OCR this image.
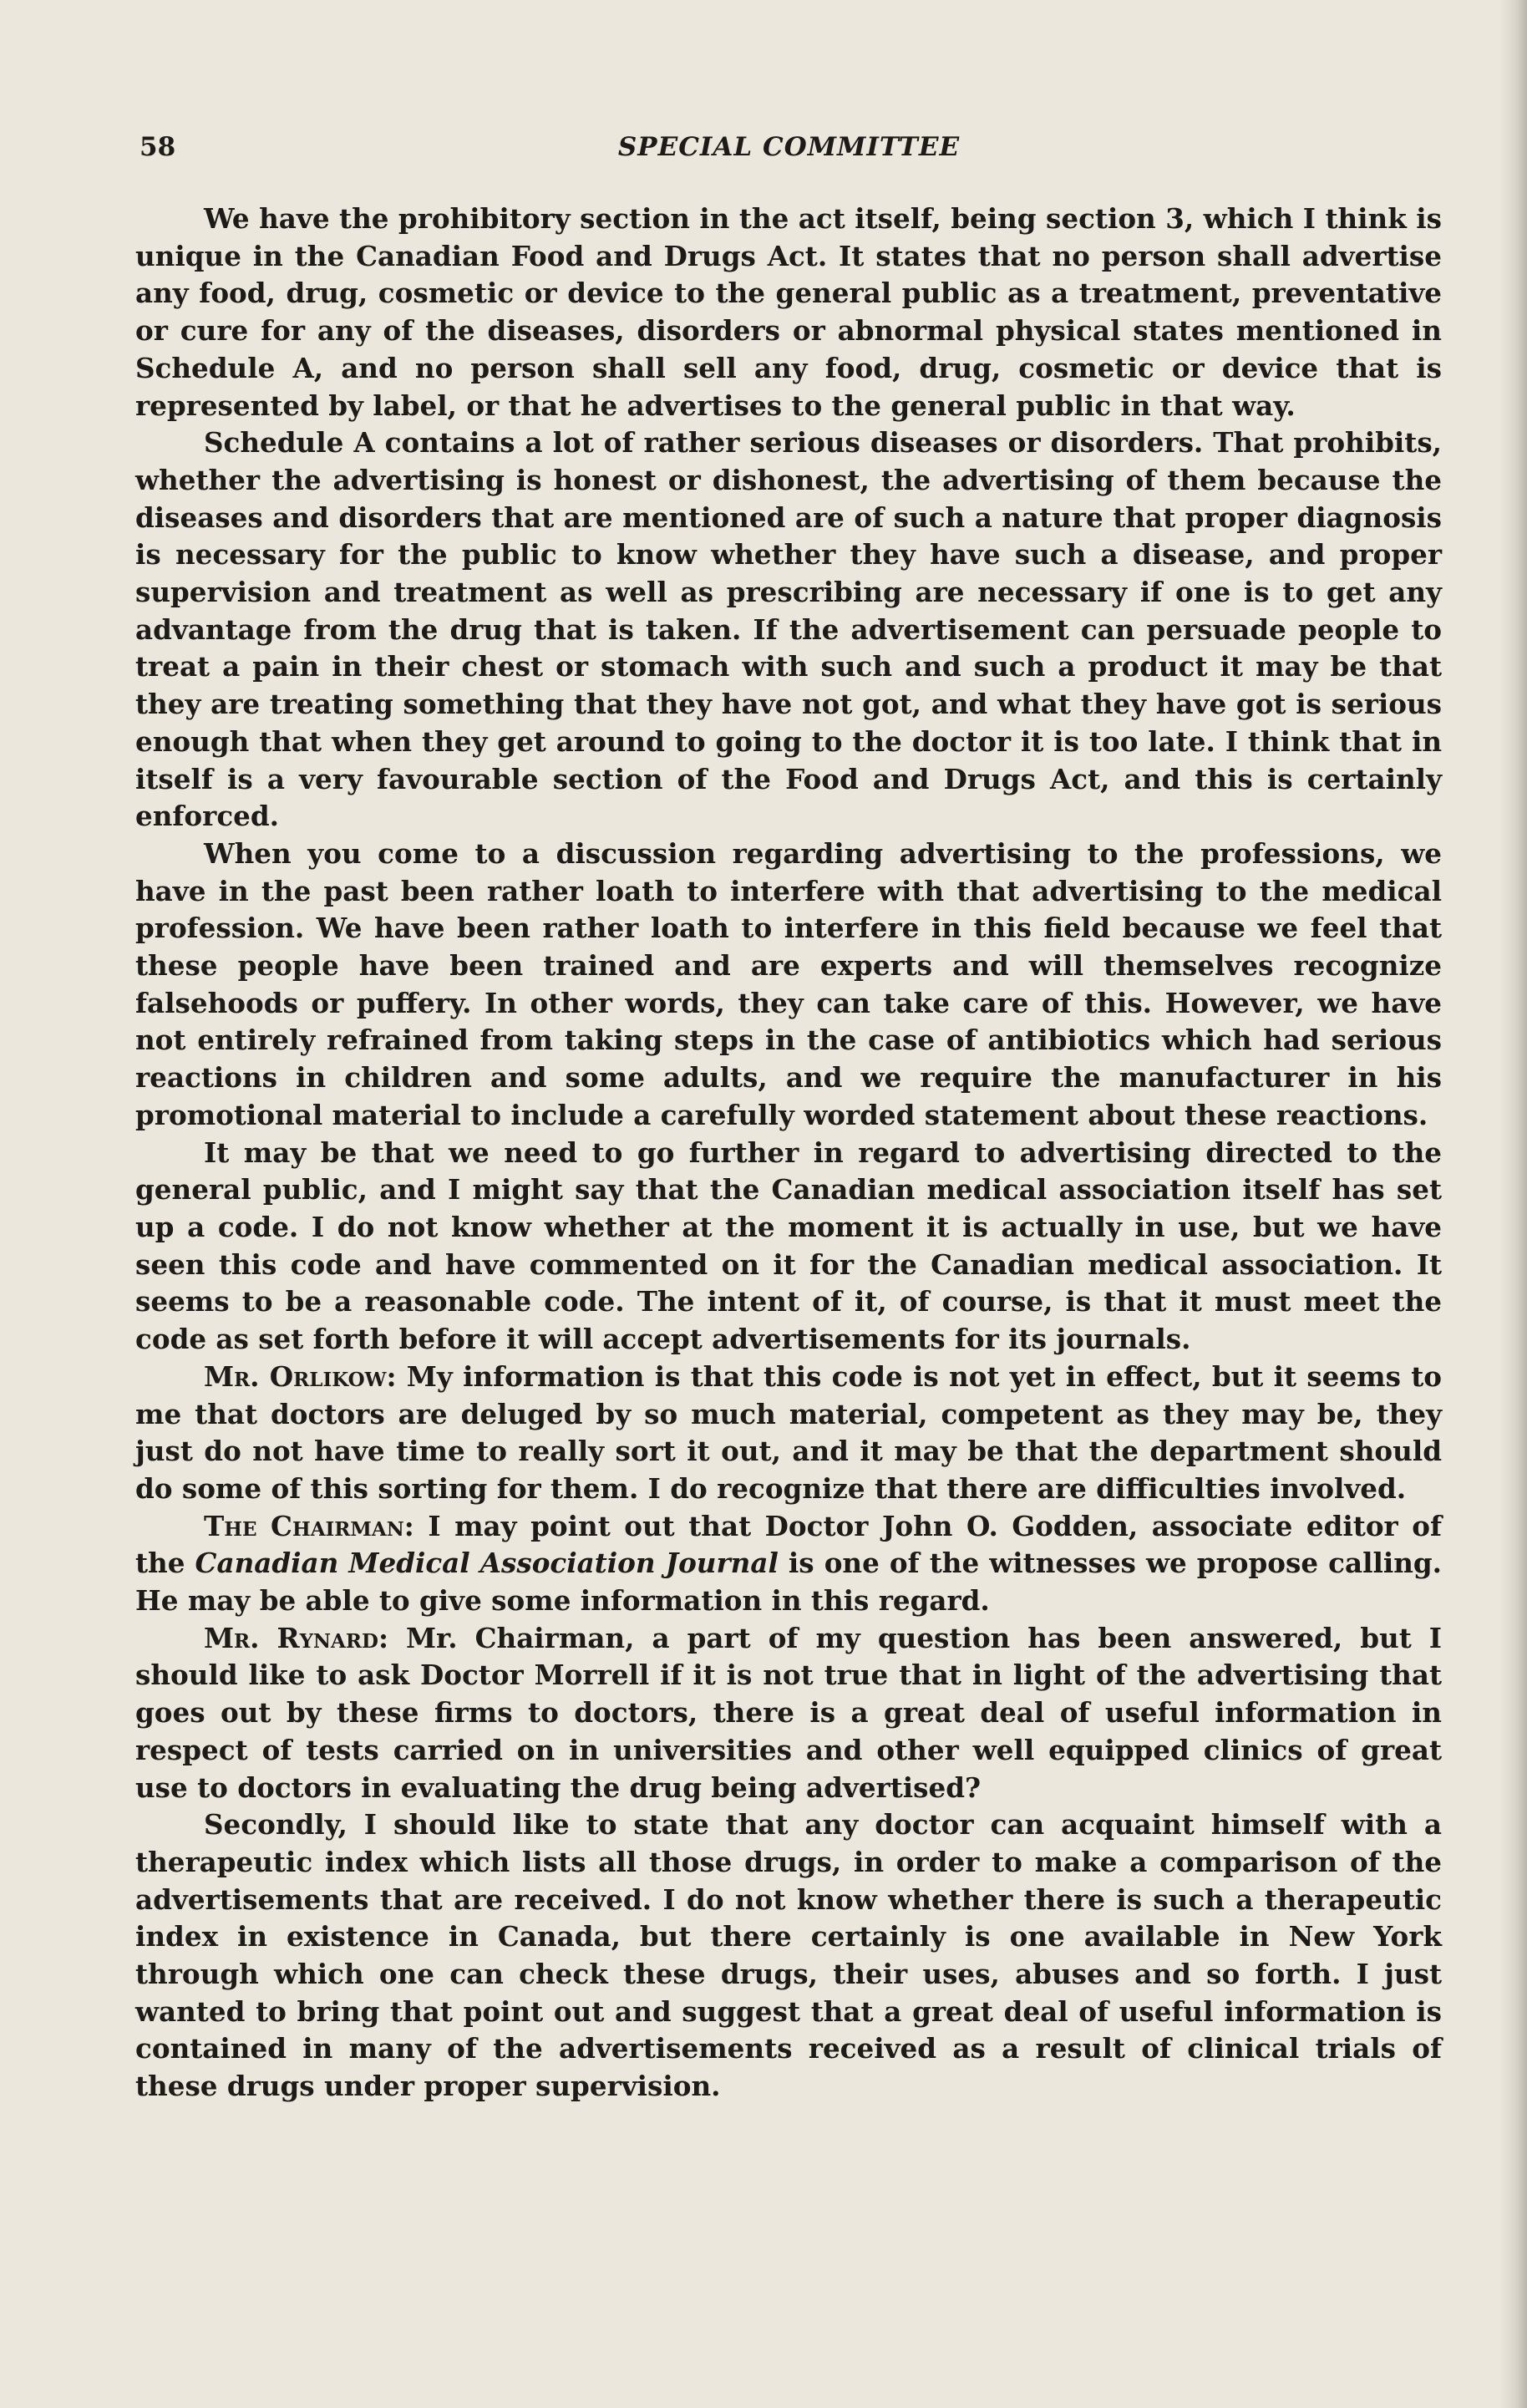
58	SPECIAL COMMITTEE

We have the prohibitory section in the act itself, being section 3, which I think is unique in the Canadian Food and Drugs Act. It states that no person shall advertise any food, drug, cosmetic or device to the general public as a treatment, preventative or cure for any of the diseases, disorders or abnormal physical states mentioned in Schedule A, and no person shall sell any food, drug, cosmetic or device that is represented by label, or that he advertises to the general public in that way.

Schedule A contains a lot of rather serious diseases or disorders. That prohibits, whether the advertising is honest or dishonest, the advertising of them because the diseases and disorders that are mentioned are of such a nature that proper diagnosis is necessary for the public to know whether they have such a disease, and proper supervision and treatment as well as prescribing are necessary if one is to get any advantage from the drug that is taken. If the advertisement can persuade people to treat a pain in their chest or stomach with such and such a product it may be that they are treating something that they have not got, and what they have got is serious enough that when they get around to going to the doctor it is too late. I think that in itself is a very favourable section of the Food and Drugs Act, and this is certainly enforced.

When you come to a discussion regarding advertising to the professions, we have in the past been rather loath to interfere with that advertising to the medical profession. We have been rather loath to interfere in this field because we feel that these people have been trained and are experts and will themselves recognize falsehoods or puffery. In other words, they can take care of this. However, we have not entirely refrained from taking steps in the case of antibiotics which had serious reactions in children and some adults, and we require the manufacturer in his promotional material to include a carefully worded statement about these reactions.

It may be that we need to go further in regard to advertising directed to the general public, and I might say that the Canadian medical association itself has set up a code. I do not know whether at the moment it is actually in use, but we have seen this code and have commented on it for the Canadian medical association. It seems to be a reasonable code. The intent of it, of course, is that it must meet the code as set forth before it will accept advertisements for its journals.

Mr. Orlikow: My information is that this code is not yet in effect, but it seems to me that doctors are deluged by so much material, competent as they may be, they just do not have time to really sort it out, and it may be that the department should do some of this sorting for them. I do recognize that there are difficulties involved.

The Chairman: I may point out that Doctor John O. Godden, associate editor of the Canadian Medical Association Journal is one of the witnesses we propose calling. He may be able to give some information in this regard.

Mr. Rynard: Mr. Chairman, a part of my question has been answered, but I should like to ask Doctor Morrell if it is not true that in light of the advertising that goes out by these firms to doctors, there is a great deal of useful information in respect of tests carried on in universities and other well equipped clinics of great use to doctors in evaluating the drug being advertised?

Secondly, I should like to state that any doctor can acquaint himself with a therapeutic index which lists all those drugs, in order to make a comparison of the advertisements that are received. I do not know whether there is such a therapeutic index in existence in Canada, but there certainly is one available in New York through which one can check these drugs, their uses, abuses and so forth. I just wanted to bring that point out and suggest that a great deal of useful information is contained in many of the advertisements received as a result of clinical trials of these drugs under proper supervision.
